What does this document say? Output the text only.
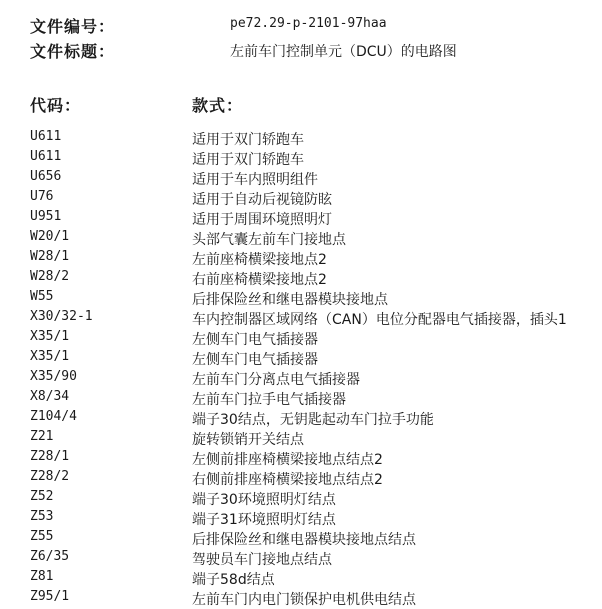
文件编号：	pe72.29-p-2101-97haa
文件标题：	左前车门控制单元（DCU）的电路图
代码：	款式：
U611	适用于双门轿跑车
U611	适用于双门轿跑车
U656	适用于车内照明组件
U76	适用于自动后视镜防眩
U951	适用于周围环境照明灯
W20/1	头部气囊左前车门接地点
W28/1	左前座椅横梁接地点2
W28/2	右前座椅横梁接地点2
W55	后排保险丝和继电器模块接地点
X30/32-1	车内控制器区域网络（CAN）电位分配器电气插接器，插头1
X35/1	左侧车门电气插接器
X35/1	左侧车门电气插接器
X35/90	左前车门分离点电气插接器
X8/34	左前车门拉手电气插接器
Z104/4	端子30结点，无钥匙起动车门拉手功能
Z21	旋转锁销开关结点
Z28/1	左侧前排座椅横梁接地点结点2
Z28/2	右侧前排座椅横梁接地点结点2
Z52	端子30环境照明灯结点
Z53	端子31环境照明灯结点
Z55	后排保险丝和继电器模块接地点结点
Z6/35	驾驶员车门接地点结点
Z81	端子58d结点
Z95/1	左前车门内电门锁保护电机供电结点
